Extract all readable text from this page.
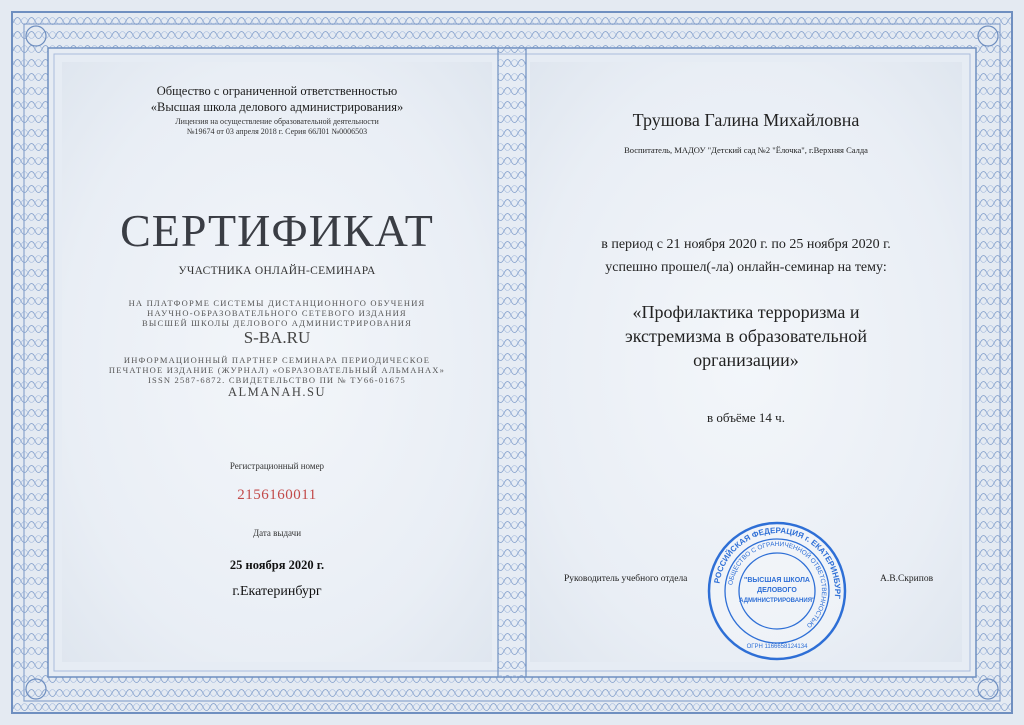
Общество с ограниченной ответственностью
«Высшая школа делового администрирования»
Лицензия на осуществление образовательной деятельности
№19674 от 03 апреля 2018 г. Серия 66Л01 №0006503
СЕРТИФИКАТ
УЧАСТНИКА ОНЛАЙН-СЕМИНАРА
НА ПЛАТФОРМЕ СИСТЕМЫ ДИСТАНЦИОННОГО ОБУЧЕНИЯ
НАУЧНО-ОБРАЗОВАТЕЛЬНОГО СЕТЕВОГО ИЗДАНИЯ
ВЫСШЕЙ ШКОЛЫ ДЕЛОВОГО АДМИНИСТРИРОВАНИЯ
S-BA.RU
ИНФОРМАЦИОННЫЙ ПАРТНЕР СЕМИНАРА ПЕРИОДИЧЕСКОЕ
ПЕЧАТНОЕ ИЗДАНИЕ (ЖУРНАЛ) «ОБРАЗОВАТЕЛЬНЫЙ АЛЬМАНАХ»
ISSN 2587-6872. СВИДЕТЕЛЬСТВО ПИ № ТУ66-01675
ALMANAH.SU
Регистрационный номер
2156160011
Дата выдачи
25 ноября 2020 г.
г.Екатеринбург
Трушова Галина Михайловна
Воспитатель, МАДОУ "Детский сад №2 "Ёлочка", г.Верхняя Салда
в период с 21 ноября 2020 г. по 25 ноября 2020 г.
успешно прошел(-ла) онлайн-семинар на тему:
«Профилактика терроризма и
экстремизма в образовательной
организации»
в объёме 14 ч.
Руководитель учебного отдела	А.В.Скрипов
РОССИЙСКАЯ ФЕДЕРАЦИЯ г. ЕКАТЕРИНБУРГ
ОБЩЕСТВО С ОГРАНИЧЕННОЙ ОТВЕТСТВЕННОСТЬЮ
"ВЫСШАЯ ШКОЛА
ДЕЛОВОГО
АДМИНИСТРИРОВАНИЯ"
ОГРН 1166658124134
